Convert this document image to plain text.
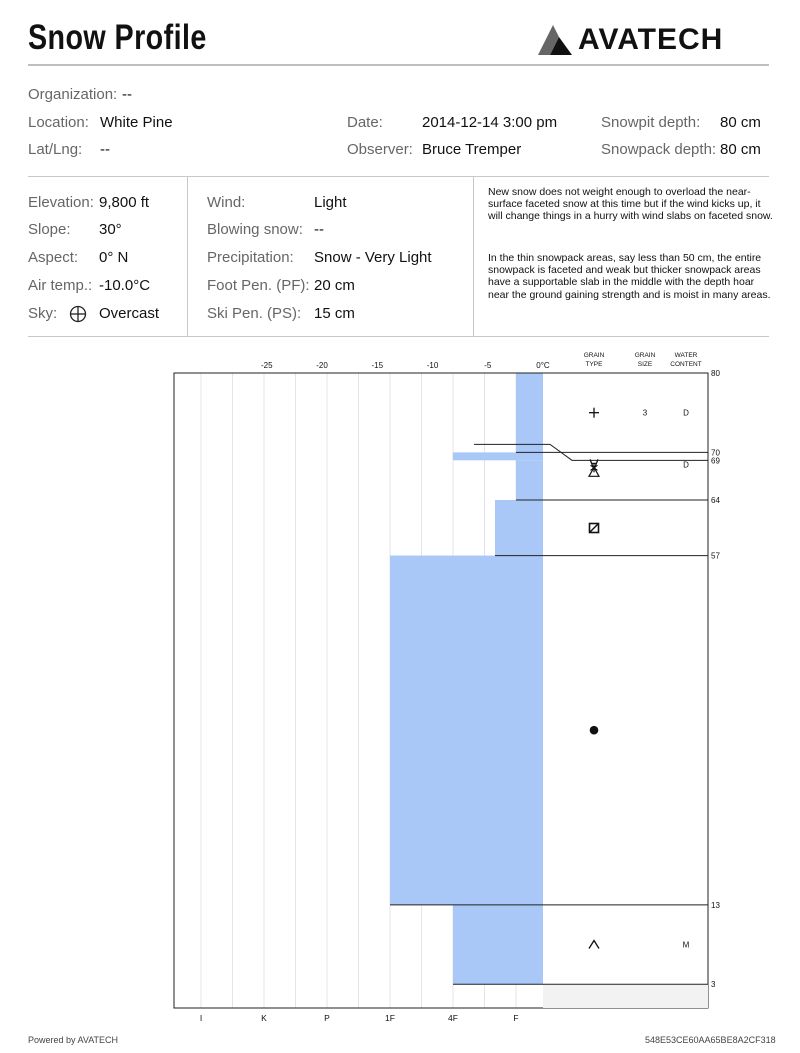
Snow Profile	AVATECH
Organization: --
Location: White Pine	Date:	2014-12-14 3:00 pm	Snowpit depth: 80 cm
Lat/Lng: --	Observer: Bruce Tremper	Snowpack depth: 80 cm
Elevation: 9,800 ft
Slope: 30°
Aspect: 0° N
Air temp.: -10.0°C
Sky:	Overcast
Wind:	Light
Blowing snow: --
Precipitation: Snow - Very Light
Foot Pen. (PF): 20 cm
Ski Pen. (PS): 15 cm
New snow does not weight enough to overload the near-surface faceted snow at this time but if the wind kicks up, it will change things in a hurry with wind slabs on faceted snow.
In the thin snowpack areas, say less than 50 cm, the entire snowpack is faceted and weak but thicker snowpack areas have a supportable slab in the middle with the depth hoar near the ground gaining strength and is moist in many areas.
-25	-20	-15	-10	-5	0°C
I	K	P	1F	4F	F
GRAIN
TYPE
GRAIN
SIZE
WATER
CONTENT
80
70
69
64
57
13
3
3	D
D
M
Powered by AVATECH	548E53CE60AA65BE8A2CF318
